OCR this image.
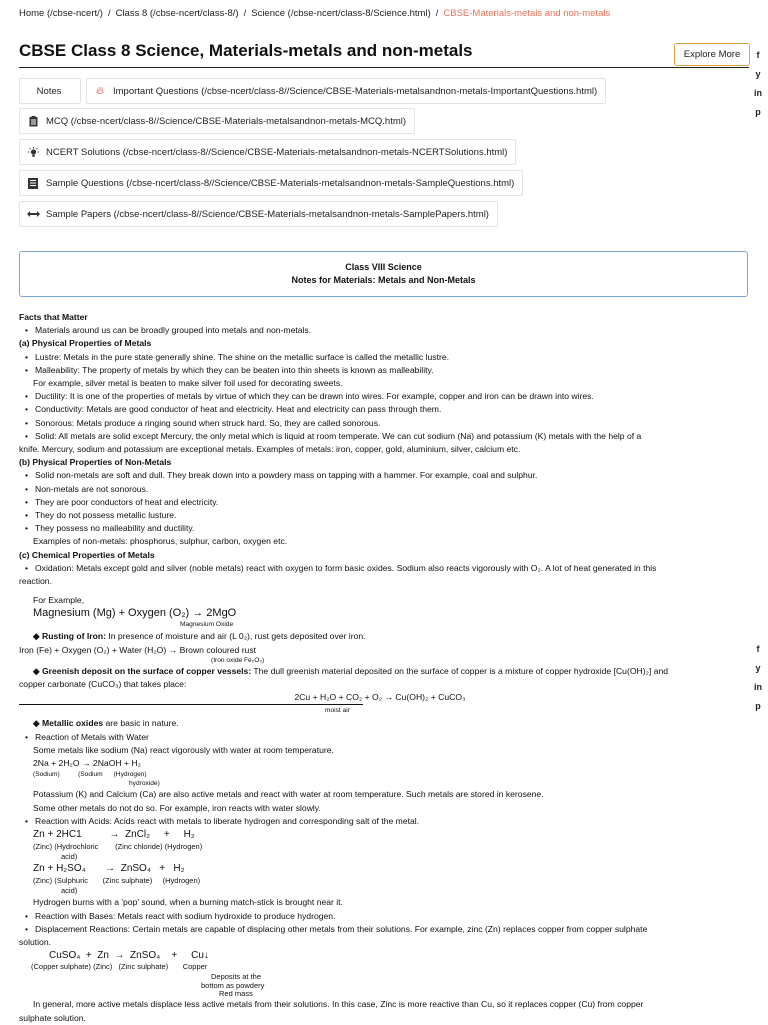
Home (/cbse-ncert/) / Class 8 (/cbse-ncert/class-8/) / Science (/cbse-ncert/class-8/Science.html) / CBSE-Materials-metals and non-metals
CBSE Class 8 Science, Materials-metals and non-metals	Explore More	f
y
in
p
f
y
in
p
Notes	🔥︎ Important Questions (/cbse-ncert/class-8//Science/CBSE-Materials-metalsandnon-metals-ImportantQuestions.html)
MCQ (/cbse-ncert/class-8//Science/CBSE-Materials-metalsandnon-metals-MCQ.html)
NCERT Solutions (/cbse-ncert/class-8//Science/CBSE-Materials-metalsandnon-metals-NCERTSolutions.html)
Sample Questions (/cbse-ncert/class-8//Science/CBSE-Materials-metalsandnon-metals-SampleQuestions.html)
Sample Papers (/cbse-ncert/class-8//Science/CBSE-Materials-metalsandnon-metals-SamplePapers.html)
Class VIII Science
Notes for Materials: Metals and Non-Metals

Facts that Matter

• Materials around us can be broadly grouped into metals and non-metals.

(a) Physical Properties of Metals

• Lustre: Metals in the pure state generally shine. The shine on the metallic surface is called the metallic lustre.

• Malleability: The property of metals by which they can be beaten into thin sheets is known as malleability.

For example, silver metal is beaten to make silver foil used for decorating sweets.

• Ductility: It is one of the properties of metals by virtue of which they can be drawn into wires. For example, copper and iron can be drawn into wires.

• Conductivity: Metals are good conductor of heat and electricity. Heat and electricity can pass through them.

• Sonorous: Metals produce a ringing sound when struck hard. So, they are called sonorous.

• Solid: All metals are solid except Mercury, the only metal which is liquid at room temperate. We can cut sodium (Na) and potassium (K) metals with the help of a

knife. Mercury, sodium and potassium are exceptional metals. Examples of metals: iron, copper, gold, aluminium, silver, calcium etc.

(b) Physical Properties of Non-Metals

• Solid non-metals are soft and dull. They break down into a powdery mass on tapping with a hammer. For example, coal and sulphur.

• Non-metals are not sonorous.

• They are poor conductors of heat and electricity.

• They do not possess metallic lusture.

• They possess no malleability and ductility.

Examples of non-metals: phosphorus, sulphur, carbon, oxygen etc.

(c) Chemical Properties of Metals

• Oxidation: Metals except gold and silver (noble metals) react with oxygen to form basic oxides. Sodium also reacts vigorously with O₂. A lot of heat generated in this

reaction.

For Example,

Magnesium (Mg) + Oxygen (O₂) → 2MgO

Magnesium Oxide

◆ Rusting of Iron: In presence of moisture and air (L 0₂), rust gets deposited over iron.

Iron (Fe) + Oxygen (O₂) + Water (H₂O) → Brown coloured rust

(Iron oxide Fe₂O₃)

◆ Greenish deposit on the surface of copper vessels: The dull greenish material deposited on the surface of copper is a mixture of copper hydroxide [Cu(OH)₂] and

copper carbonate (CuCO₃) that takes place:

2Cu + H₂O + CO₂ + O₂ → Cu(OH)₂ + CuCO₃

moist air

◆ Metallic oxides are basic in nature.

• Reaction of Metals with Water

Some metals like sodium (Na) react vigorously with water at room temperature.

2Na + 2H₂O → 2NaOH + H₂

(Sodium)          (Sodium      (Hydrogen)

hydroxide)

Potassium (K) and Calcium (Ca) are also active metals and react with water at room temperature. Such metals are stored in kerosene.

Some other metals do not do so. For example, iron reacts with water slowly.

• Reaction with Acids: Acids react with metals to liberate hydrogen and corresponding salt of the metal.

Zn + 2HC1          →  ZnCl₂     +     H₂

(Zinc) (Hydrochloric        (Zinc chloride) (Hydrogen)

acid)

Zn + H₂SO₄       →  ZnSO₄   +   H₂

(Zinc) (Sulphuric       (Zinc sulphate)     (Hydrogen)

acid)

Hydrogen burns with a 'pop' sound, when a burning match-stick is brought near it.

• Reaction with Bases: Metals react with sodium hydroxide to produce hydrogen.

• Displacement Reactions: Certain metals are capable of displacing other metals from their solutions. For example, zinc (Zn) replaces copper from copper sulphate

solution.

CuSO₄  +  Zn  →  ZnSO₄    +     Cu↓

(Copper sulphate) (Zinc)   (Zinc sulphate)       Copper

Deposits at the

bottom as powdery

Red mass

In general, more active metals displace less active metals from their solutions. In this case, Zinc is more reactive than Cu, so it replaces copper (Cu) from copper

sulphate solution.
